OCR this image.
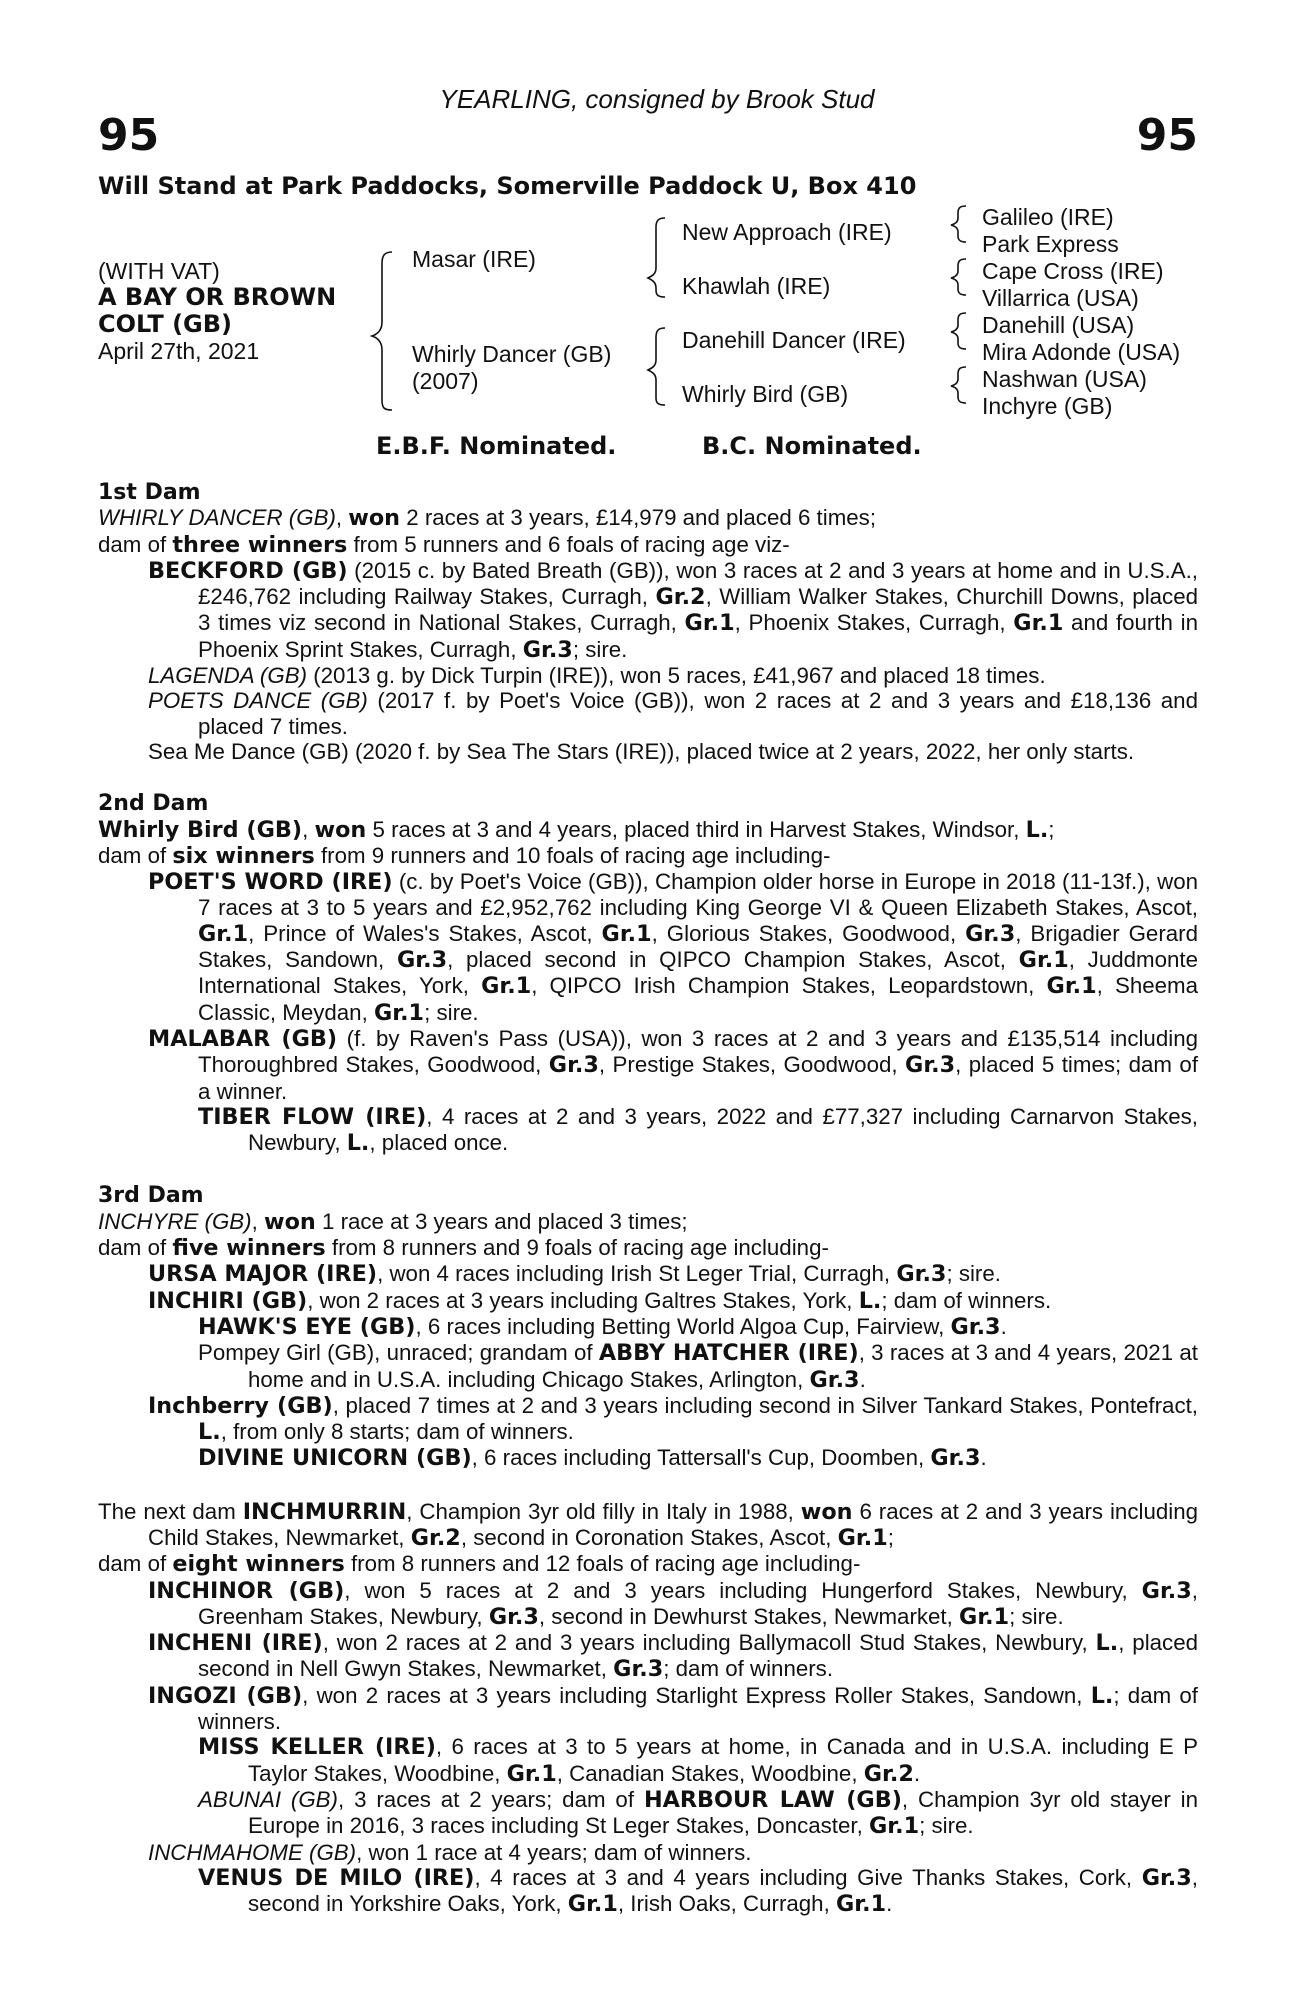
YEARLING, consigned by Brook Stud
95	95
Will Stand at Park Paddocks, Somerville Paddock U, Box 410
(WITH VAT)
A BAY OR BROWN
COLT (GB)
April 27th, 2021
Masar (IRE)
Whirly Dancer (GB)
(2007)
New Approach (IRE)
Khawlah (IRE)
Danehill Dancer (IRE)
Whirly Bird (GB)
Galileo (IRE)
Park Express
Cape Cross (IRE)
Villarrica (USA)
Danehill (USA)
Mira Adonde (USA)
Nashwan (USA)
Inchyre (GB)
E.B.F. Nominated.	B.C. Nominated.

1st Dam

WHIRLY DANCER (GB), won 2 races at 3 years, £14,979 and placed 6 times;

dam of three winners from 5 runners and 6 foals of racing age viz-

BECKFORD (GB) (2015 c. by Bated Breath (GB)), won 3 races at 2 and 3 years at home and in U.S.A., £246,762 including Railway Stakes, Curragh, Gr.2, William Walker Stakes, Churchill Downs, placed 3 times viz second in National Stakes, Curragh, Gr.1, Phoenix Stakes, Curragh, Gr.1 and fourth in Phoenix Sprint Stakes, Curragh, Gr.3; sire.

LAGENDA (GB) (2013 g. by Dick Turpin (IRE)), won 5 races, £41,967 and placed 18 times.

POETS DANCE (GB) (2017 f. by Poet's Voice (GB)), won 2 races at 2 and 3 years and £18,136 and placed 7 times.

Sea Me Dance (GB) (2020 f. by Sea The Stars (IRE)), placed twice at 2 years, 2022, her only starts.

2nd Dam

Whirly Bird (GB), won 5 races at 3 and 4 years, placed third in Harvest Stakes, Windsor, L.;

dam of six winners from 9 runners and 10 foals of racing age including-

POET'S WORD (IRE) (c. by Poet's Voice (GB)), Champion older horse in Europe in 2018 (11-13f.), won 7 races at 3 to 5 years and £2,952,762 including King George VI & Queen Elizabeth Stakes, Ascot, Gr.1, Prince of Wales's Stakes, Ascot, Gr.1, Glorious Stakes, Goodwood, Gr.3, Brigadier Gerard Stakes, Sandown, Gr.3, placed second in QIPCO Champion Stakes, Ascot, Gr.1, Juddmonte International Stakes, York, Gr.1, QIPCO Irish Champion Stakes, Leopardstown, Gr.1, Sheema Classic, Meydan, Gr.1; sire.

MALABAR (GB) (f. by Raven's Pass (USA)), won 3 races at 2 and 3 years and £135,514 including Thoroughbred Stakes, Goodwood, Gr.3, Prestige Stakes, Goodwood, Gr.3, placed 5 times; dam of a winner.

TIBER FLOW (IRE), 4 races at 2 and 3 years, 2022 and £77,327 including Carnarvon Stakes, Newbury, L., placed once.

3rd Dam

INCHYRE (GB), won 1 race at 3 years and placed 3 times;

dam of five winners from 8 runners and 9 foals of racing age including-

URSA MAJOR (IRE), won 4 races including Irish St Leger Trial, Curragh, Gr.3; sire.

INCHIRI (GB), won 2 races at 3 years including Galtres Stakes, York, L.; dam of winners.

HAWK'S EYE (GB), 6 races including Betting World Algoa Cup, Fairview, Gr.3.

Pompey Girl (GB), unraced; grandam of ABBY HATCHER (IRE), 3 races at 3 and 4 years, 2021 at home and in U.S.A. including Chicago Stakes, Arlington, Gr.3.

Inchberry (GB), placed 7 times at 2 and 3 years including second in Silver Tankard Stakes, Pontefract, L., from only 8 starts; dam of winners.

DIVINE UNICORN (GB), 6 races including Tattersall's Cup, Doomben, Gr.3.

The next dam INCHMURRIN, Champion 3yr old filly in Italy in 1988, won 6 races at 2 and 3 years including Child Stakes, Newmarket, Gr.2, second in Coronation Stakes, Ascot, Gr.1;

dam of eight winners from 8 runners and 12 foals of racing age including-

INCHINOR (GB), won 5 races at 2 and 3 years including Hungerford Stakes, Newbury, Gr.3, Greenham Stakes, Newbury, Gr.3, second in Dewhurst Stakes, Newmarket, Gr.1; sire.

INCHENI (IRE), won 2 races at 2 and 3 years including Ballymacoll Stud Stakes, Newbury, L., placed second in Nell Gwyn Stakes, Newmarket, Gr.3; dam of winners.

INGOZI (GB), won 2 races at 3 years including Starlight Express Roller Stakes, Sandown, L.; dam of winners.

MISS KELLER (IRE), 6 races at 3 to 5 years at home, in Canada and in U.S.A. including E P Taylor Stakes, Woodbine, Gr.1, Canadian Stakes, Woodbine, Gr.2.

ABUNAI (GB), 3 races at 2 years; dam of HARBOUR LAW (GB), Champion 3yr old stayer in Europe in 2016, 3 races including St Leger Stakes, Doncaster, Gr.1; sire.

INCHMAHOME (GB), won 1 race at 4 years; dam of winners.

VENUS DE MILO (IRE), 4 races at 3 and 4 years including Give Thanks Stakes, Cork, Gr.3, second in Yorkshire Oaks, York, Gr.1, Irish Oaks, Curragh, Gr.1.
